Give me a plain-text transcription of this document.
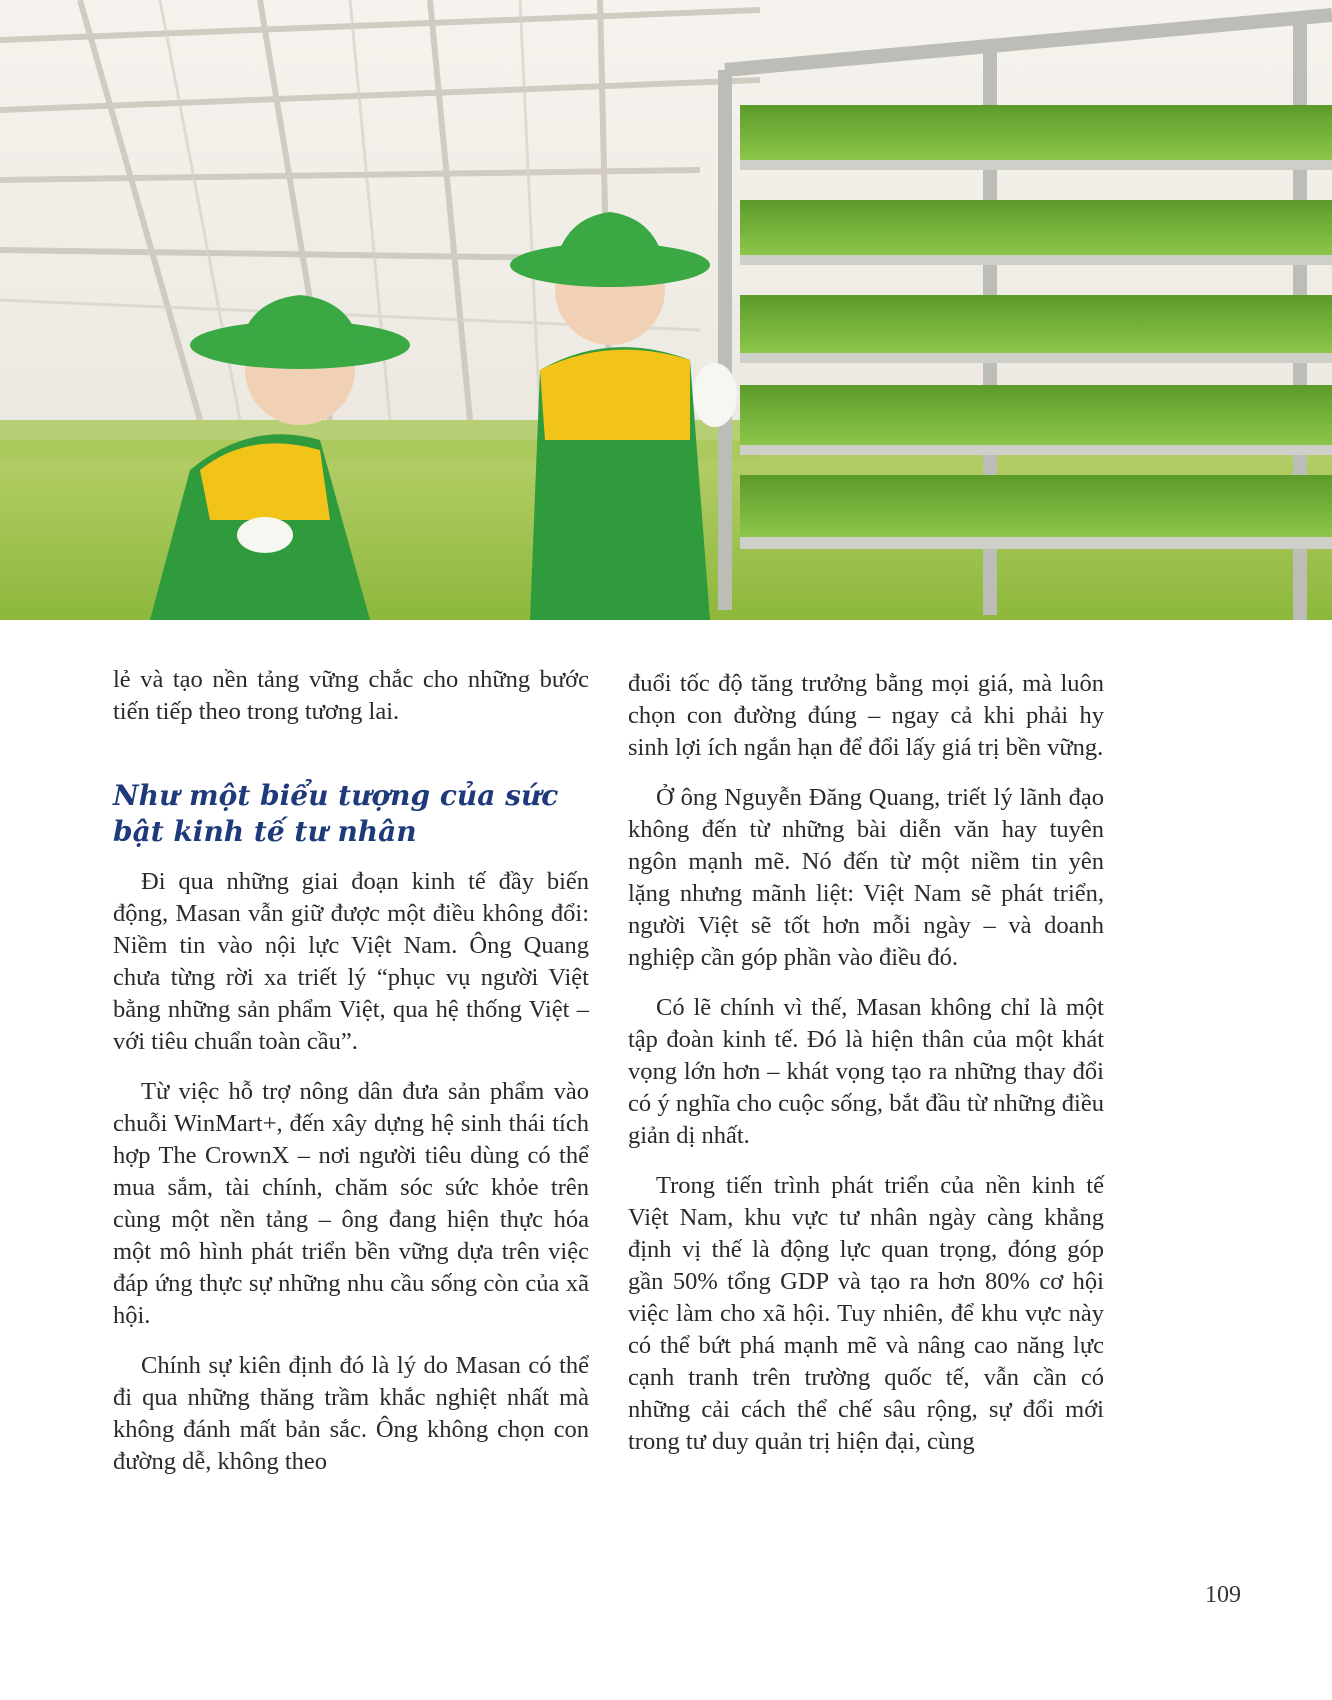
lẻ và tạo nền tảng vững chắc cho những bước tiến tiếp theo trong tương lai.

Như một biểu tượng của sức bật kinh tế tư nhân

Đi qua những giai đoạn kinh tế đầy biến động, Masan vẫn giữ được một điều không đổi: Niềm tin vào nội lực Việt Nam. Ông Quang chưa từng rời xa triết lý “phục vụ người Việt bằng những sản phẩm Việt, qua hệ thống Việt – với tiêu chuẩn toàn cầu”.

Từ việc hỗ trợ nông dân đưa sản phẩm vào chuỗi WinMart+, đến xây dựng hệ sinh thái tích hợp The CrownX – nơi người tiêu dùng có thể mua sắm, tài chính, chăm sóc sức khỏe trên cùng một nền tảng – ông đang hiện thực hóa một mô hình phát triển bền vững dựa trên việc đáp ứng thực sự những nhu cầu sống còn của xã hội.

Chính sự kiên định đó là lý do Masan có thể đi qua những thăng trầm khắc nghiệt nhất mà không đánh mất bản sắc. Ông không chọn con đường dễ, không theo

đuổi tốc độ tăng trưởng bằng mọi giá, mà luôn chọn con đường đúng – ngay cả khi phải hy sinh lợi ích ngắn hạn để đổi lấy giá trị bền vững.

Ở ông Nguyễn Đăng Quang, triết lý lãnh đạo không đến từ những bài diễn văn hay tuyên ngôn mạnh mẽ. Nó đến từ một niềm tin yên lặng nhưng mãnh liệt: Việt Nam sẽ phát triển, người Việt sẽ tốt hơn mỗi ngày – và doanh nghiệp cần góp phần vào điều đó.

Có lẽ chính vì thế, Masan không chỉ là một tập đoàn kinh tế. Đó là hiện thân của một khát vọng lớn hơn – khát vọng tạo ra những thay đổi có ý nghĩa cho cuộc sống, bắt đầu từ những điều giản dị nhất.

Trong tiến trình phát triển của nền kinh tế Việt Nam, khu vực tư nhân ngày càng khẳng định vị thế là động lực quan trọng, đóng góp gần 50% tổng GDP và tạo ra hơn 80% cơ hội việc làm cho xã hội. Tuy nhiên, để khu vực này có thể bứt phá mạnh mẽ và nâng cao năng lực cạnh tranh trên trường quốc tế, vẫn cần có những cải cách thể chế sâu rộng, sự đổi mới trong tư duy quản trị hiện đại, cùng

109
